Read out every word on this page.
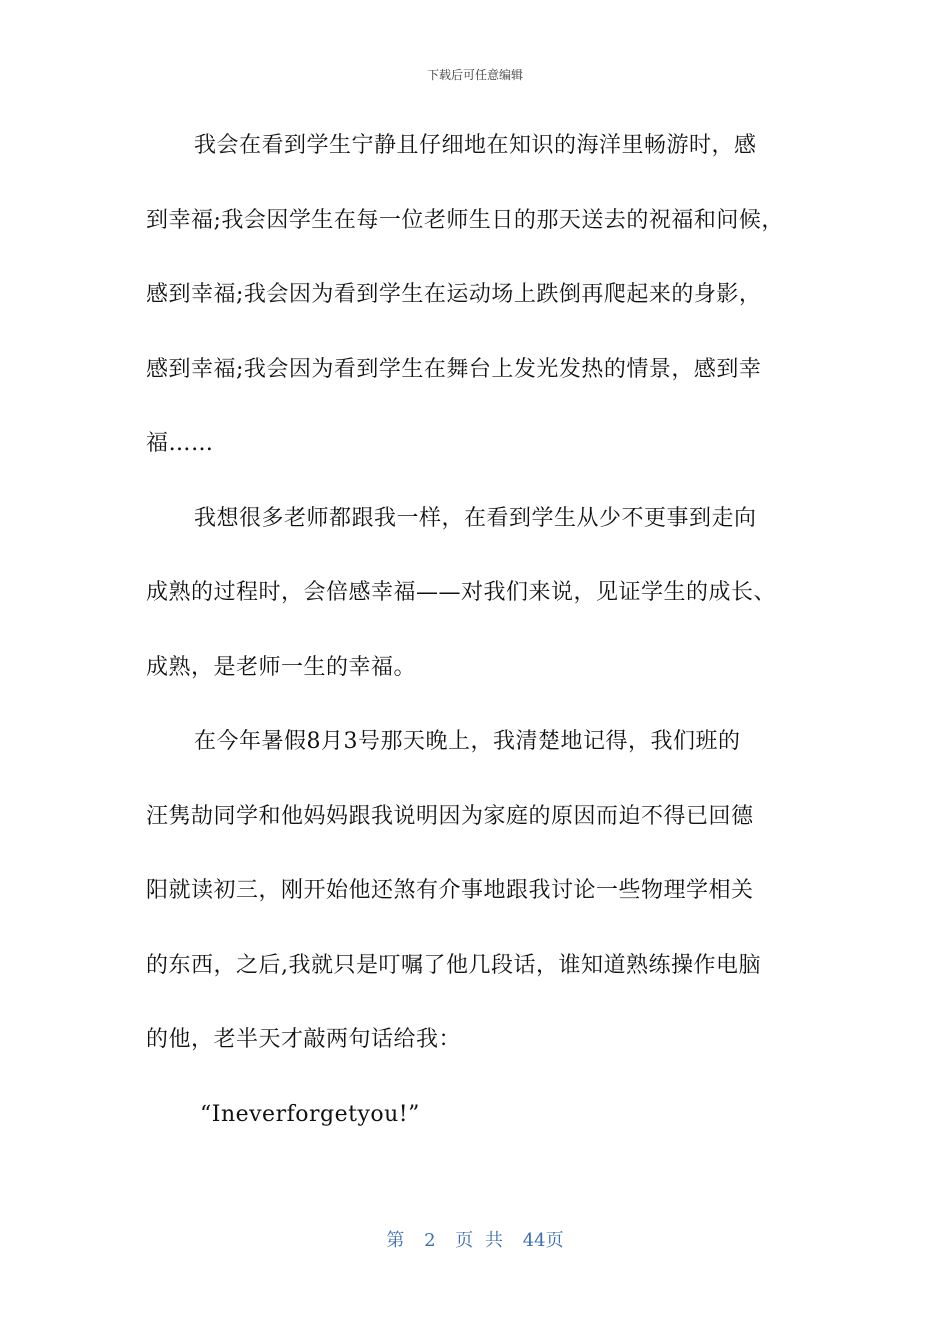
下载后可任意编辑
我会在看到学生宁静且仔细地在知识的海洋里畅游时，感
到幸福;我会因学生在每一位老师生日的那天送去的祝福和问候，
感到幸福;我会因为看到学生在运动场上跌倒再爬起来的身影，
感到幸福;我会因为看到学生在舞台上发光发热的情景，感到幸
福……
我想很多老师都跟我一样，在看到学生从少不更事到走向
成熟的过程时，会倍感幸福——对我们来说，见证学生的成长、
成熟，是老师一生的幸福。
在今年暑假8月3号那天晚上，我清楚地记得，我们班的
汪隽劼同学和他妈妈跟我说明因为家庭的原因而迫不得已回德
阳就读初三，刚开始他还煞有介事地跟我讨论一些物理学相关
的东西，之后,我就只是叮嘱了他几段话，谁知道熟练操作电脑
的他，老半天才敲两句话给我：
“Ineverforgetyou!”
第 2 页 共 44页
